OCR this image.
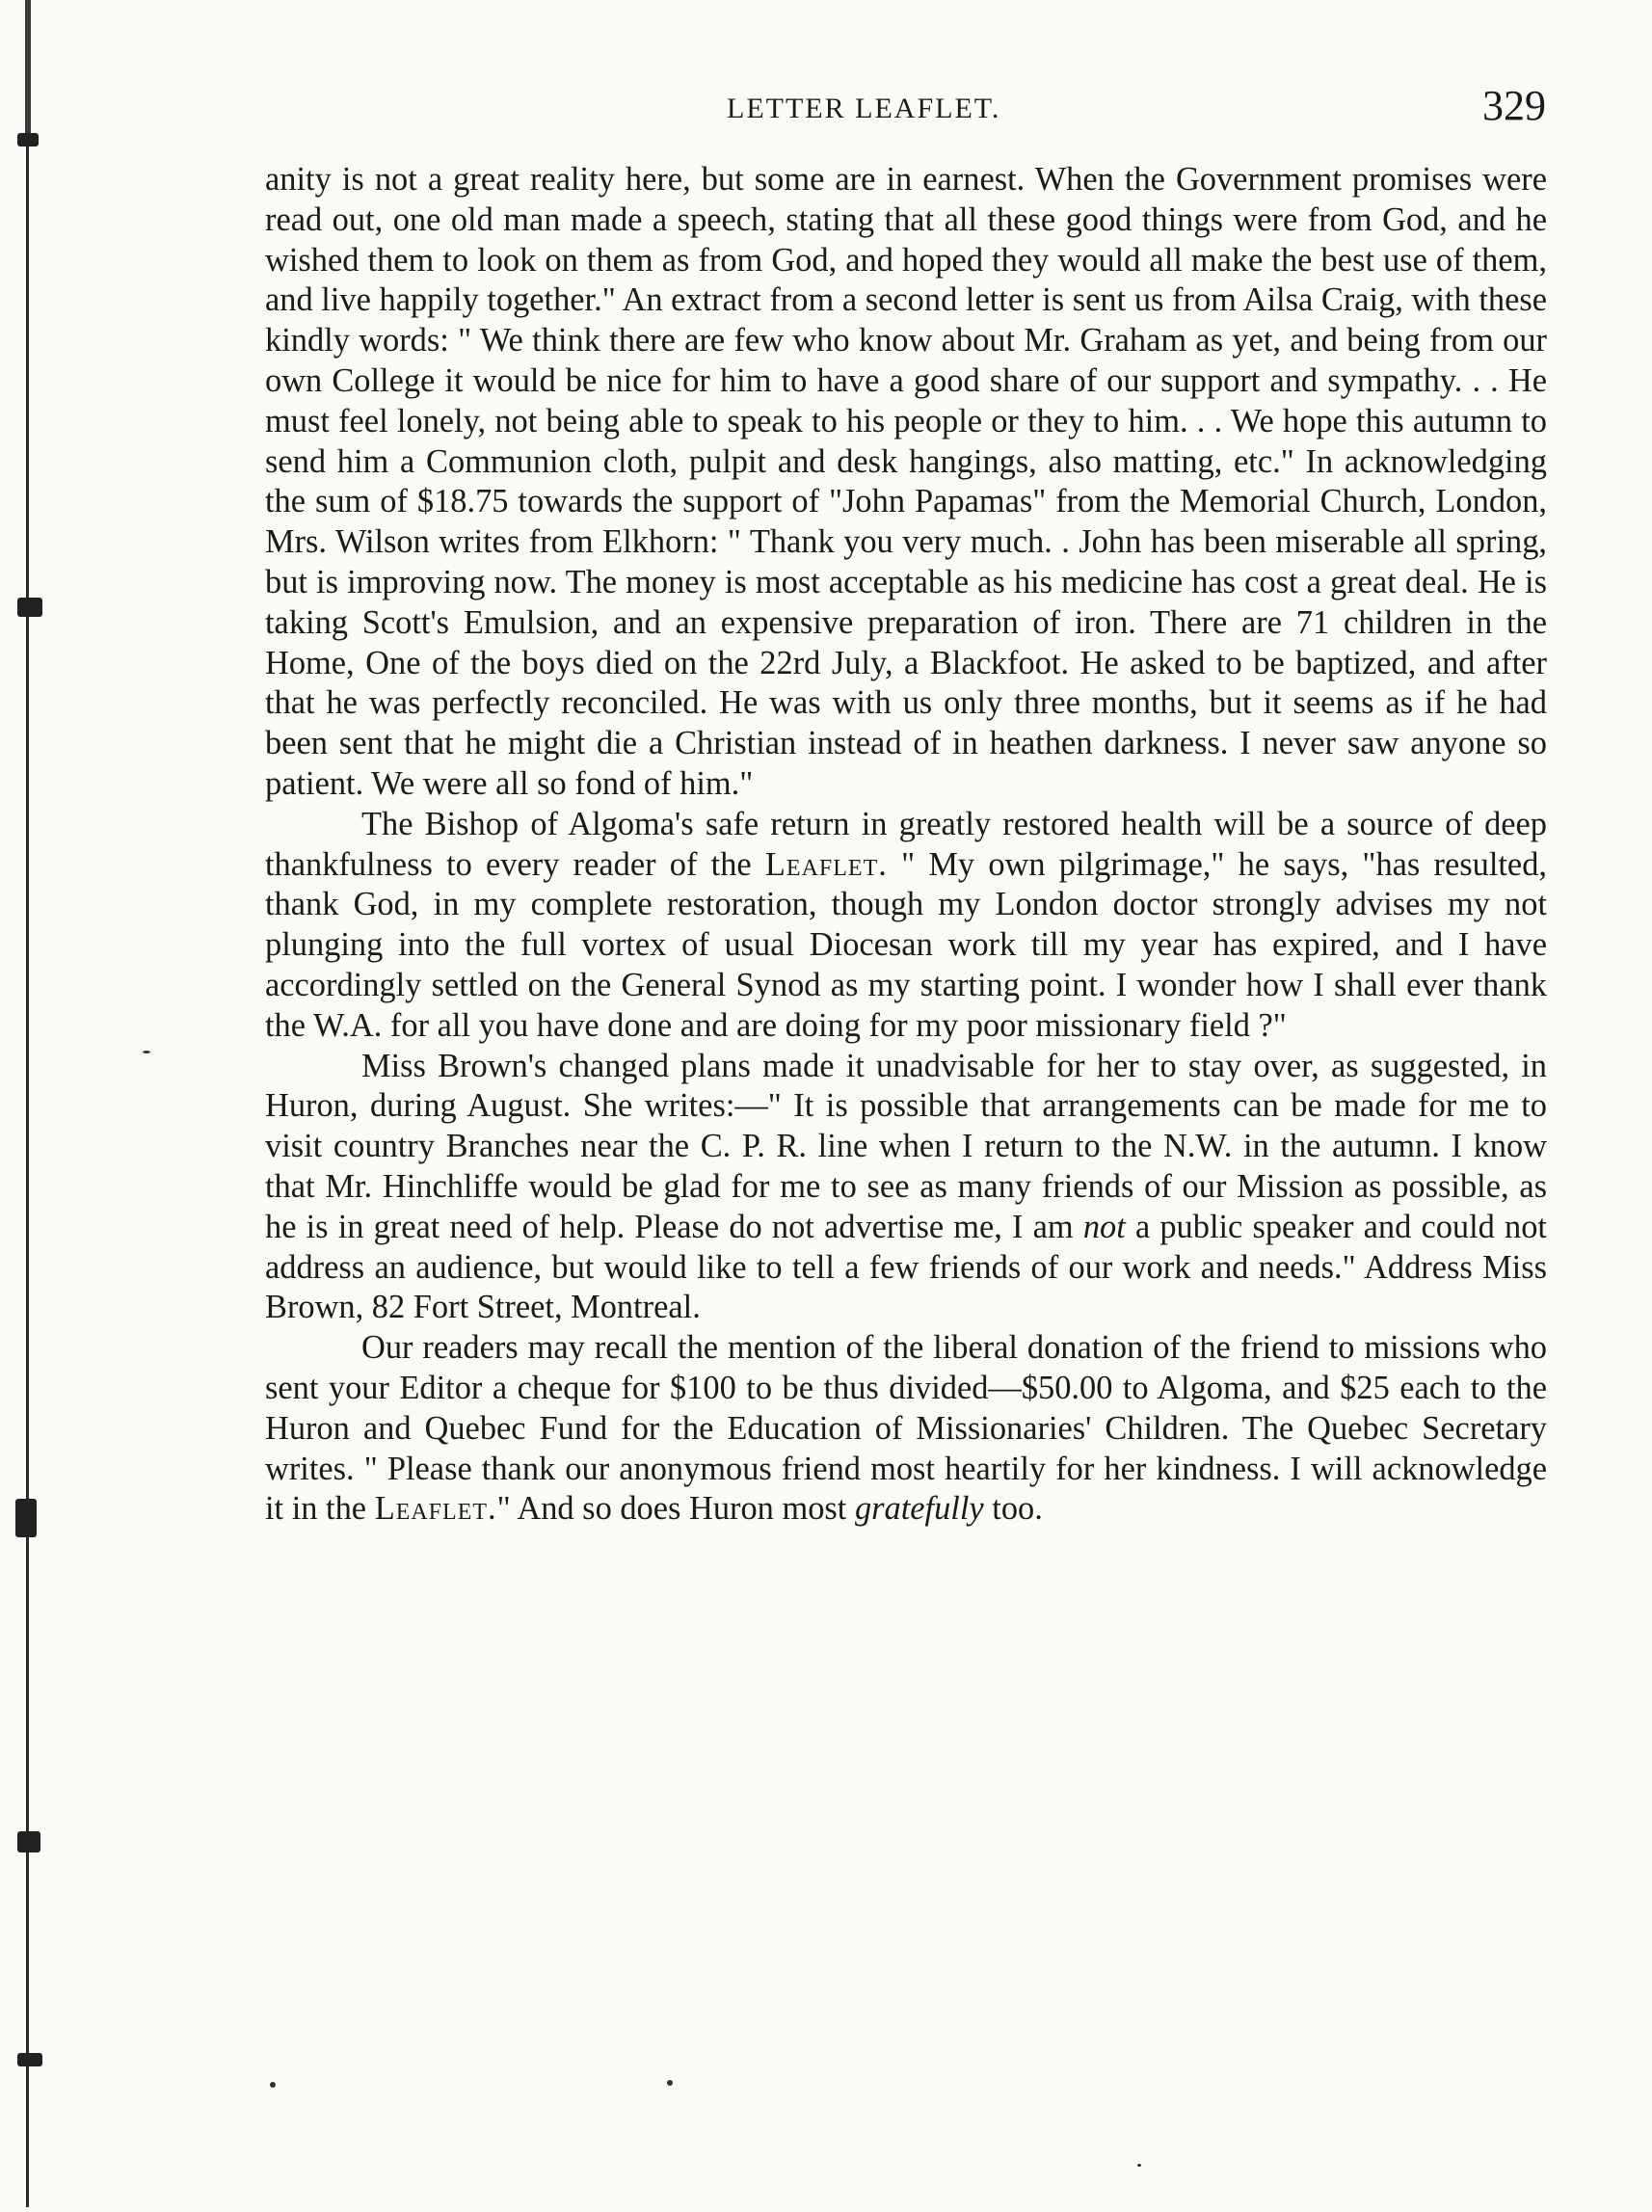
LETTER LEAFLET.	329

anity is not a great reality here, but some are in earnest. When the Government promises were read out, one old man made a speech, stating that all these good things were from God, and he wished them to look on them as from God, and hoped they would all make the best use of them, and live happily together." An extract from a second letter is sent us from Ailsa Craig, with these kindly words: " We think there are few who know about Mr. Graham as yet, and being from our own College it would be nice for him to have a good share of our support and sympathy. . . He must feel lonely, not being able to speak to his people or they to him. . . We hope this autumn to send him a Communion cloth, pulpit and desk hangings, also matting, etc." In acknowledging the sum of $18.75 towards the support of "John Papamas" from the Memorial Church, London, Mrs. Wilson writes from Elkhorn: " Thank you very much. . John has been miserable all spring, but is improving now. The money is most acceptable as his medicine has cost a great deal. He is taking Scott's Emulsion, and an expensive preparation of iron. There are 71 children in the Home, One of the boys died on the 22rd July, a Blackfoot. He asked to be baptized, and after that he was perfectly reconciled. He was with us only three months, but it seems as if he had been sent that he might die a Christian instead of in heathen darkness. I never saw anyone so patient. We were all so fond of him."

The Bishop of Algoma's safe return in greatly restored health will be a source of deep thankfulness to every reader of the Leaflet. " My own pilgrimage," he says, "has resulted, thank God, in my complete restoration, though my London doctor strongly advises my not plunging into the full vortex of usual Diocesan work till my year has expired, and I have accordingly settled on the General Synod as my starting point. I wonder how I shall ever thank the W.A. for all you have done and are doing for my poor missionary field ?"

Miss Brown's changed plans made it unadvisable for her to stay over, as suggested, in Huron, during August. She writes:—" It is possible that arrangements can be made for me to visit country Branches near the C. P. R. line when I return to the N.W. in the autumn. I know that Mr. Hinchliffe would be glad for me to see as many friends of our Mission as possible, as he is in great need of help. Please do not advertise me, I am not a public speaker and could not address an audience, but would like to tell a few friends of our work and needs." Address Miss Brown, 82 Fort Street, Montreal.

Our readers may recall the mention of the liberal donation of the friend to missions who sent your Editor a cheque for $100 to be thus divided—$50.00 to Algoma, and $25 each to the Huron and Quebec Fund for the Education of Missionaries' Children. The Quebec Secretary writes. " Please thank our anonymous friend most heartily for her kindness. I will acknowledge it in the Leaflet." And so does Huron most gratefully too.
